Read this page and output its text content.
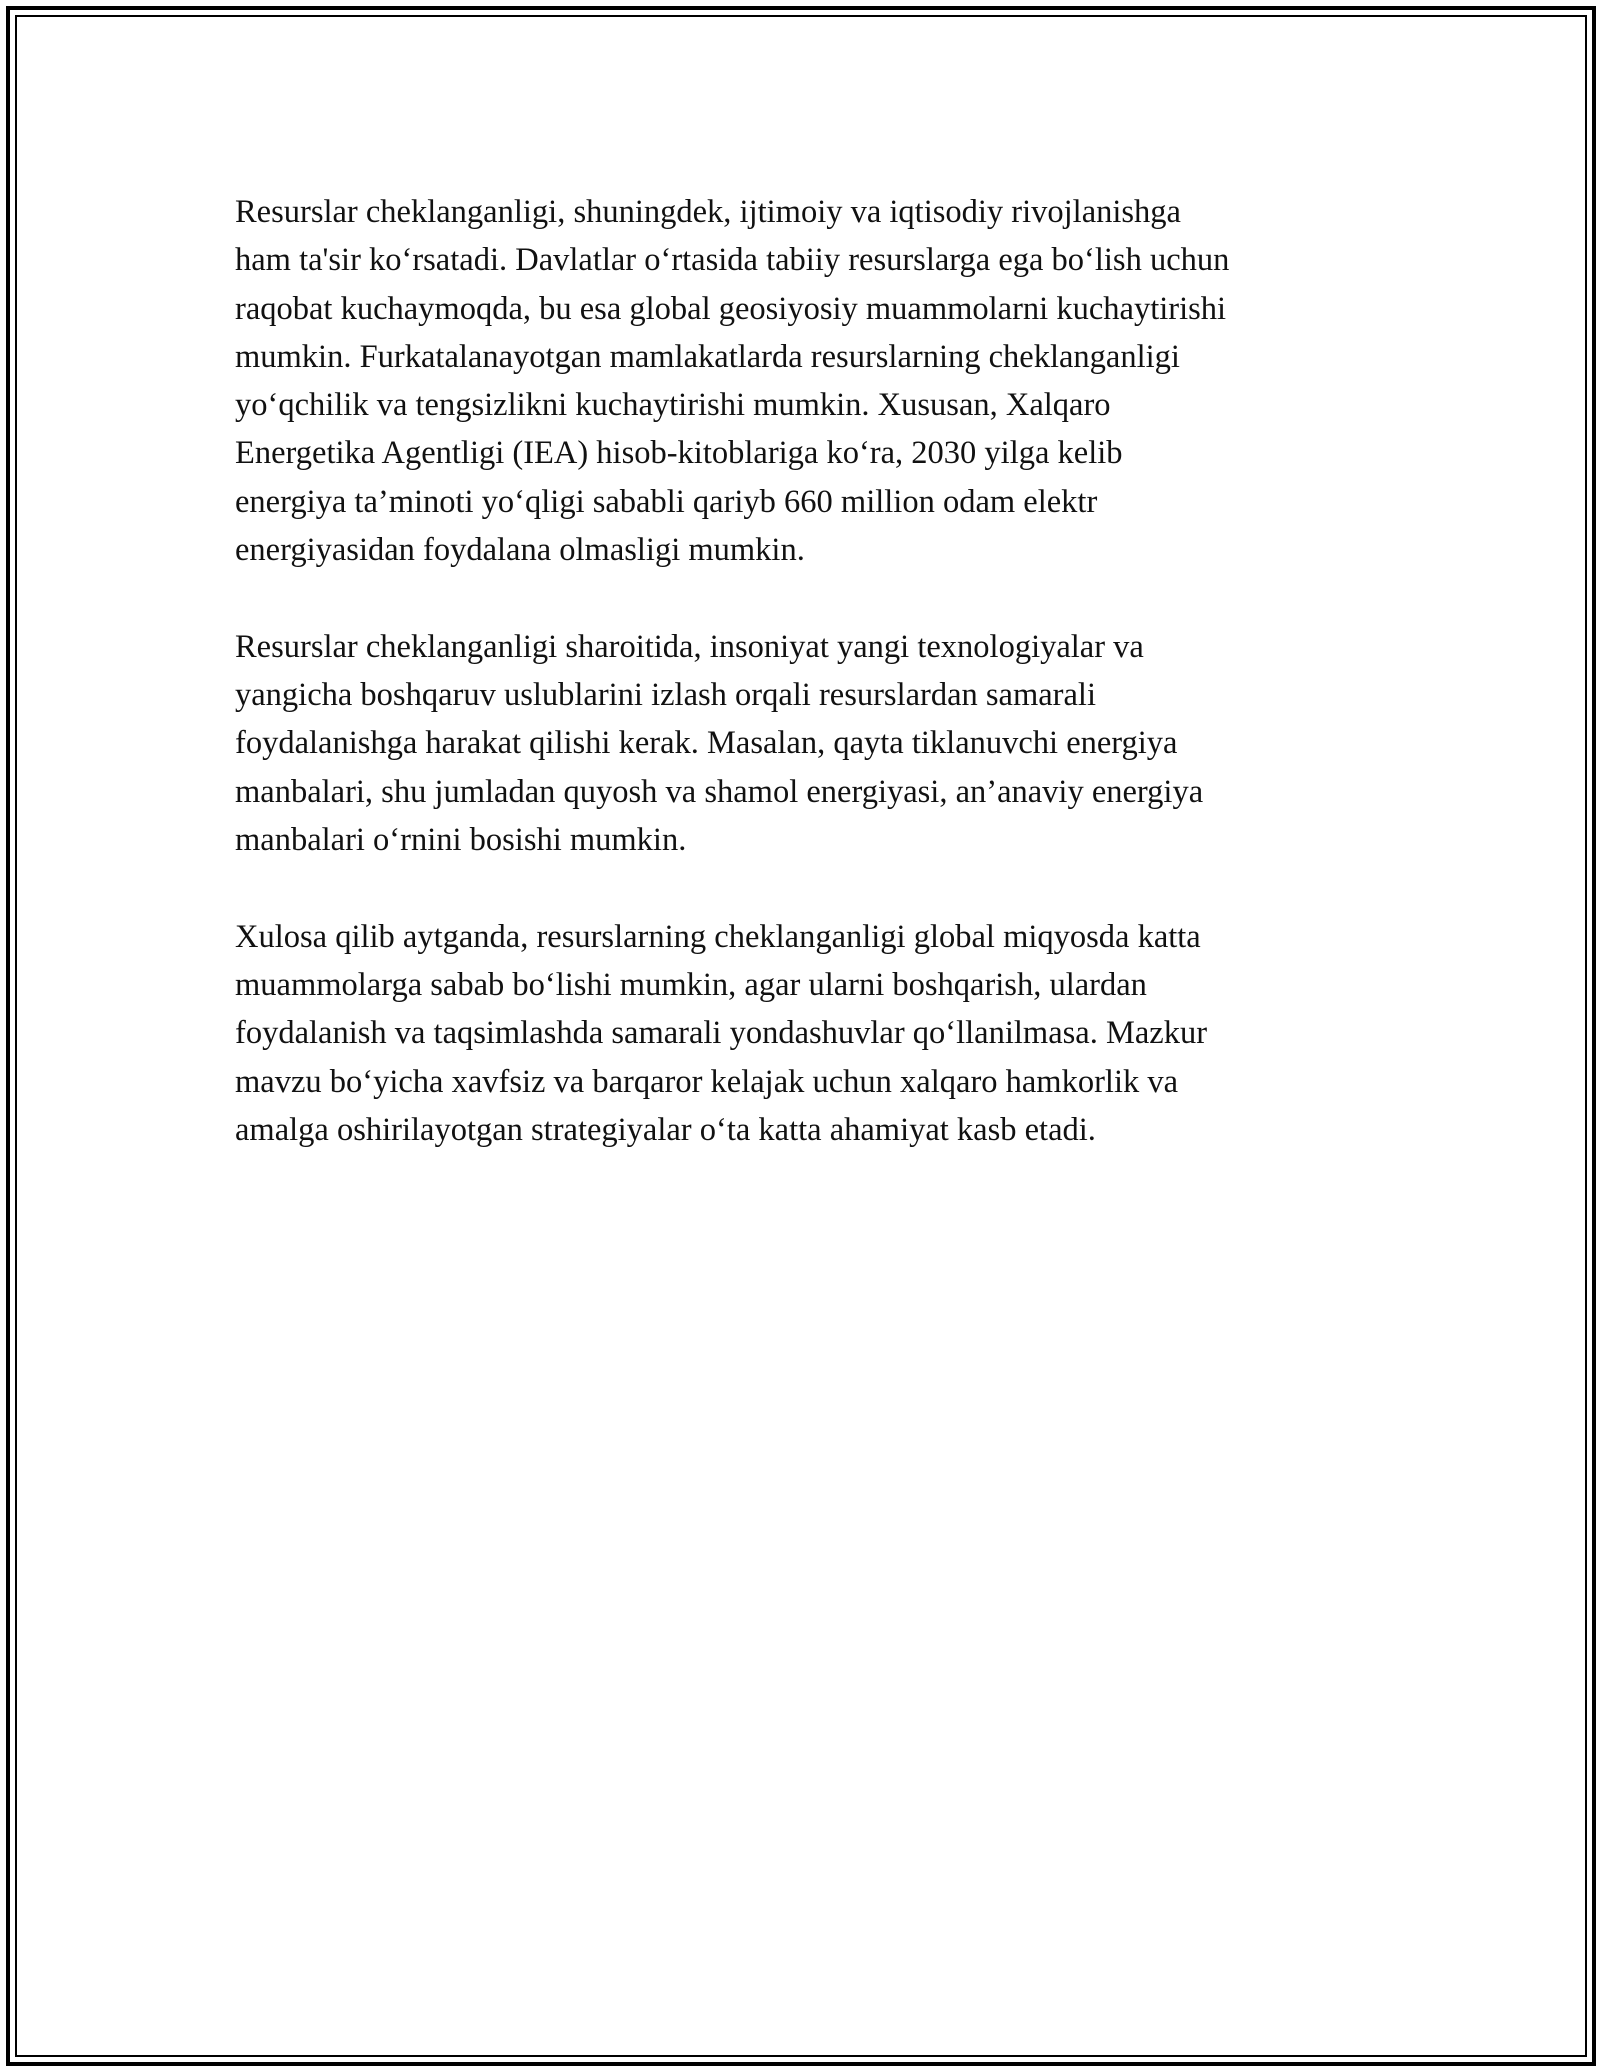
Resurslar cheklanganligi, shuningdek, ijtimoiy va iqtisodiy rivojlanishga
ham ta'sir ko‘rsatadi. Davlatlar o‘rtasida tabiiy resurslarga ega bo‘lish uchun
raqobat kuchaymoqda, bu esa global geosiyosiy muammolarni kuchaytirishi
mumkin. Furkatalanayotgan mamlakatlarda resurslarning cheklanganligi
yo‘qchilik va tengsizlikni kuchaytirishi mumkin. Xususan, Xalqaro
Energetika Agentligi (IEA) hisob-kitoblariga ko‘ra, 2030 yilga kelib
energiya ta’minoti yo‘qligi sababli qariyb 660 million odam elektr
energiyasidan foydalana olmasligi mumkin.

Resurslar cheklanganligi sharoitida, insoniyat yangi texnologiyalar va
yangicha boshqaruv uslublarini izlash orqali resurslardan samarali
foydalanishga harakat qilishi kerak. Masalan, qayta tiklanuvchi energiya
manbalari, shu jumladan quyosh va shamol energiyasi, an’anaviy energiya
manbalari o‘rnini bosishi mumkin.

Xulosa qilib aytganda, resurslarning cheklanganligi global miqyosda katta
muammolarga sabab bo‘lishi mumkin, agar ularni boshqarish, ulardan
foydalanish va taqsimlashda samarali yondashuvlar qo‘llanilmasa. Mazkur
mavzu bo‘yicha xavfsiz va barqaror kelajak uchun xalqaro hamkorlik va
amalga oshirilayotgan strategiyalar o‘ta katta ahamiyat kasb etadi.
